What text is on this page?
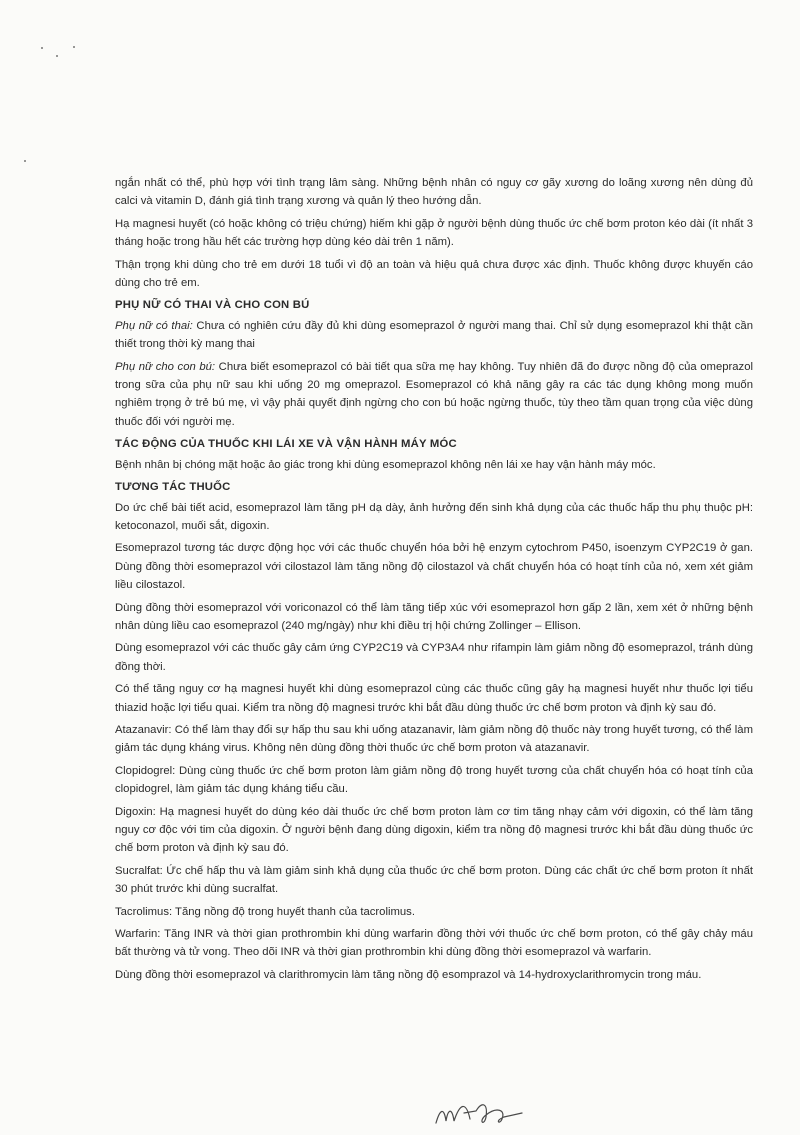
ngắn nhất có thể, phù hợp với tình trạng lâm sàng. Những bệnh nhân có nguy cơ gãy xương do loãng xương nên dùng đủ calci và vitamin D, đánh giá tình trạng xương và quản lý theo hướng dẫn.

Hạ magnesi huyết (có hoặc không có triệu chứng) hiếm khi gặp ở người bệnh dùng thuốc ức chế bơm proton kéo dài (ít nhất 3 tháng hoặc trong hầu hết các trường hợp dùng kéo dài trên 1 năm).

Thận trọng khi dùng cho trẻ em dưới 18 tuổi vì độ an toàn và hiệu quả chưa được xác định. Thuốc không được khuyến cáo dùng cho trẻ em.

PHỤ NỮ CÓ THAI VÀ CHO CON BÚ

Phụ nữ có thai: Chưa có nghiên cứu đầy đủ khi dùng esomeprazol ở người mang thai. Chỉ sử dụng esomeprazol khi thật cần thiết trong thời kỳ mang thai

Phụ nữ cho con bú: Chưa biết esomeprazol có bài tiết qua sữa mẹ hay không. Tuy nhiên đã đo được nồng độ của omeprazol trong sữa của phụ nữ sau khi uống 20 mg omeprazol. Esomeprazol có khả năng gây ra các tác dụng không mong muốn nghiêm trọng ở trẻ bú mẹ, vì vậy phải quyết định ngừng cho con bú hoặc ngừng thuốc, tùy theo tầm quan trọng của việc dùng thuốc đối với người mẹ.

TÁC ĐỘNG CỦA THUỐC KHI LÁI XE VÀ VẬN HÀNH MÁY MÓC

Bệnh nhân bị chóng mặt hoặc ảo giác trong khi dùng esomeprazol không nên lái xe hay vận hành máy móc.

TƯƠNG TÁC THUỐC

Do ức chế bài tiết acid, esomeprazol làm tăng pH dạ dày, ảnh hưởng đến sinh khả dụng của các thuốc hấp thu phụ thuộc pH: ketoconazol, muối sắt, digoxin.

Esomeprazol tương tác dược động học với các thuốc chuyển hóa bởi hệ enzym cytochrom P450, isoenzym CYP2C19 ở gan. Dùng đồng thời esomeprazol với cilostazol làm tăng nồng độ cilostazol và chất chuyển hóa có hoạt tính của nó, xem xét giảm liều cilostazol.

Dùng đồng thời esomeprazol với voriconazol có thể làm tăng tiếp xúc với esomeprazol hơn gấp 2 lần, xem xét ở những bệnh nhân dùng liều cao esomeprazol (240 mg/ngày) như khi điều trị hội chứng Zollinger – Ellison.

Dùng esomeprazol với các thuốc gây cảm ứng CYP2C19 và CYP3A4 như rifampin làm giảm nồng độ esomeprazol, tránh dùng đồng thời.

Có thể tăng nguy cơ hạ magnesi huyết khi dùng esomeprazol cùng các thuốc cũng gây hạ magnesi huyết như thuốc lợi tiểu thiazid hoặc lợi tiểu quai. Kiểm tra nồng độ magnesi trước khi bắt đầu dùng thuốc ức chế bơm proton và định kỳ sau đó.

Atazanavir: Có thể làm thay đổi sự hấp thu sau khi uống atazanavir, làm giảm nồng độ thuốc này trong huyết tương, có thể làm giảm tác dụng kháng virus. Không nên dùng đồng thời thuốc ức chế bơm proton và atazanavir.

Clopidogrel: Dùng cùng thuốc ức chế bơm proton làm giảm nồng độ trong huyết tương của chất chuyển hóa có hoạt tính của clopidogrel, làm giảm tác dụng kháng tiểu cầu.

Digoxin: Hạ magnesi huyết do dùng kéo dài thuốc ức chế bơm proton làm cơ tim tăng nhạy cảm với digoxin, có thể làm tăng nguy cơ độc với tim của digoxin. Ở người bệnh đang dùng digoxin, kiểm tra nồng độ magnesi trước khi bắt đầu dùng thuốc ức chế bơm proton và định kỳ sau đó.

Sucralfat: Ức chế hấp thu và làm giảm sinh khả dụng của thuốc ức chế bơm proton. Dùng các chất ức chế bơm proton ít nhất 30 phút trước khi dùng sucralfat.

Tacrolimus: Tăng nồng độ trong huyết thanh của tacrolimus.

Warfarin: Tăng INR và thời gian prothrombin khi dùng warfarin đồng thời với thuốc ức chế bơm proton, có thể gây chảy máu bất thường và tử vong. Theo dõi INR và thời gian prothrombin khi dùng đồng thời esomeprazol và warfarin.

Dùng đồng thời esomeprazol và clarithromycin làm tăng nồng độ esomprazol và 14-hydroxyclarithromycin trong máu.
